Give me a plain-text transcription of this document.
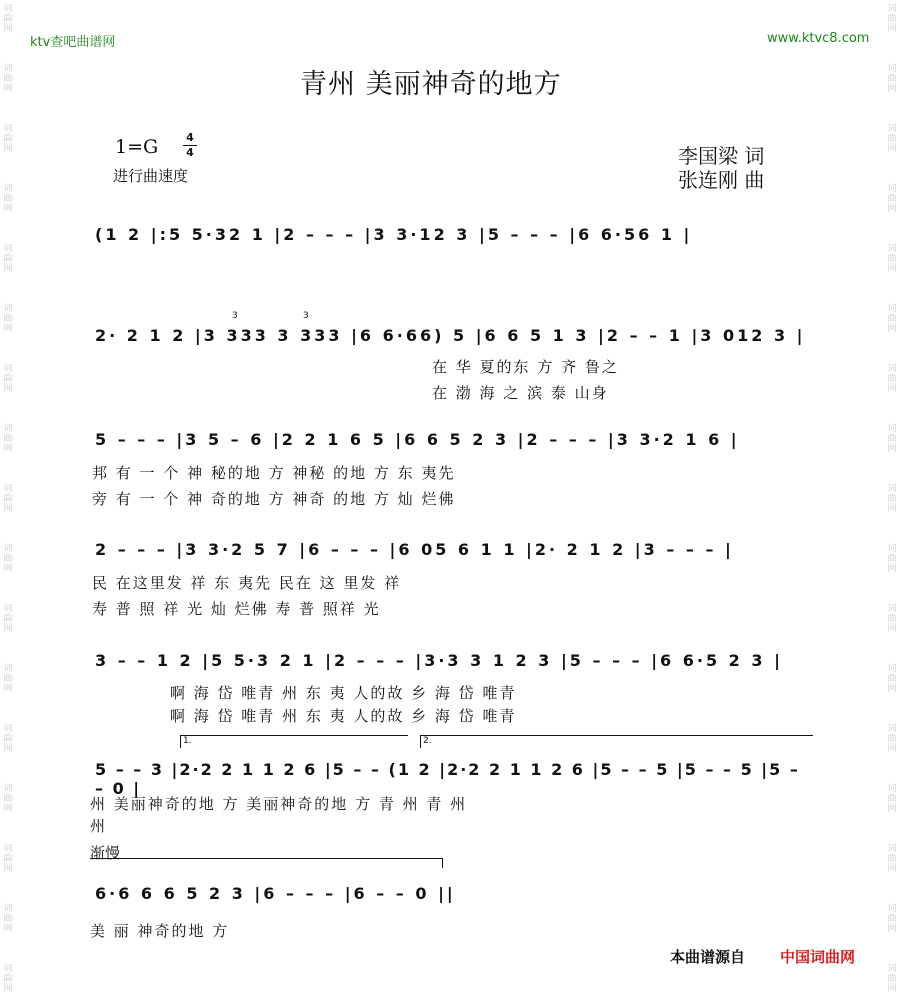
词曲网
词曲网
词曲网
词曲网
词曲网
词曲网
词曲网
词曲网
词曲网
词曲网
词曲网
词曲网
词曲网
词曲网
词曲网
词曲网
词曲网
词曲网
词曲网
词曲网
词曲网
词曲网
词曲网
词曲网
词曲网
词曲网
词曲网
词曲网
词曲网
词曲网
词曲网
词曲网
词曲网
词曲网
ktv查吧曲谱网	www.ktvc8.com
青州 美丽神奇的地方
1=G	4
4
进行曲速度
李国梁 词
张连刚 曲
(1 2 |:5 5·32 1 |2 – – – |3 3·12 3 |5 – – – |6 6·56 1 |
2· 2 1 2 |3 333 3 333 |6 6·66) 5 |6 6 5 1 3 |2 – – 1 |3 012 3 |
3	3
在 华 夏的东 方 齐 鲁之
在 渤 海 之 滨 泰 山身
5 – – – |3 5 – 6 |2 2 1 6 5 |6 6 5 2 3 |2 – – – |3 3·2 1 6 |
邦 有 一 个 神 秘的地 方 神秘 的地 方 东 夷先
旁 有 一 个 神 奇的地 方 神奇 的地 方 灿 烂佛
2 – – – |3 3·2 5 7 |6 – – – |6 05 6 1 1 |2· 2 1 2 |3 – – – |
民 在这里发 祥 东 夷先 民在 这 里发 祥
寿 普 照 祥 光 灿 烂佛 寿 普 照祥 光
3 – – 1 2 |5 5·3 2 1 |2 – – – |3·3 3 1 2 3 |5 – – – |6 6·5 2 3 |
啊 海 岱 唯青 州 东 夷 人的故 乡 海 岱 唯青
啊 海 岱 唯青 州 东 夷 人的故 乡 海 岱 唯青
1.	2.
5 – – 3 |2·2 2 1 1 2 6 |5 – – (1 2 |2·2 2 1 1 2 6 |5 – – 5 |5 – – 5 |5 – – 0 |
州 美丽神奇的地 方 美丽神奇的地 方 青 州 青 州
州
渐慢
6·6 6 6 5 2 3 |6 – – – |6 – – 0 ||
美 丽 神奇的地 方
本曲谱源自 中国词曲网
